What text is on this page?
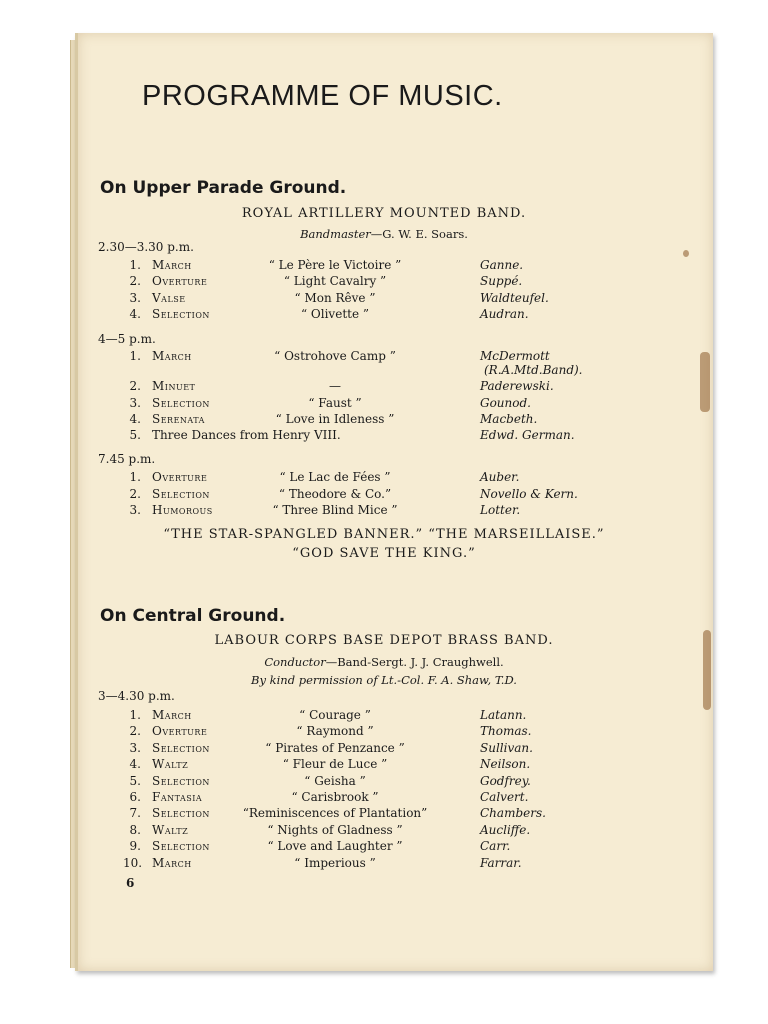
PROGRAMME OF MUSIC.
On Upper Parade Ground.
ROYAL ARTILLERY MOUNTED BAND.
Bandmaster—G. W. E. Soars.
2.30—3.30 p.m.
1. March	“ Le Père le Victoire ”	Ganne.
2. Overture	“ Light Cavalry ”	Suppé.
3. Valse	“ Mon Rêve ”	Waldteufel.
4. Selection	“ Olivette ”	Audran.
4—5 p.m.
1. March	“ Ostrohove Camp ”	McDermott
(R.A.Mtd.Band).
2. Minuet	—	Paderewski.
3. Selection	“ Faust ”	Gounod.
4. Serenata	“ Love in Idleness ”	Macbeth.
5. Three Dances from Henry VIII.	Edwd. German.
7.45 p.m.
1. Overture	“ Le Lac de Fées ”	Auber.
2. Selection	“ Theodore & Co.”	Novello & Kern.
3. Humorous	“ Three Blind Mice ”	Lotter.
“THE STAR-SPANGLED BANNER.” “THE MARSEILLAISE.”
“GOD SAVE THE KING.”
On Central Ground.
LABOUR CORPS BASE DEPOT BRASS BAND.
Conductor—Band-Sergt. J. J. Craughwell.
By kind permission of Lt.-Col. F. A. Shaw, T.D.
3—4.30 p.m.
1. March	“ Courage ”	Latann.
2. Overture	“ Raymond ”	Thomas.
3. Selection	“ Pirates of Penzance ”	Sullivan.
4. Waltz	“ Fleur de Luce ”	Neilson.
5. Selection	“ Geisha ”	Godfrey.
6. Fantasia	“ Carisbrook ”	Calvert.
7. Selection	“Reminiscences of Plantation”	Chambers.
8. Waltz	“ Nights of Gladness ”	Aucliffe.
9. Selection	“ Love and Laughter ”	Carr.
10. March	“ Imperious ”	Farrar.
6
